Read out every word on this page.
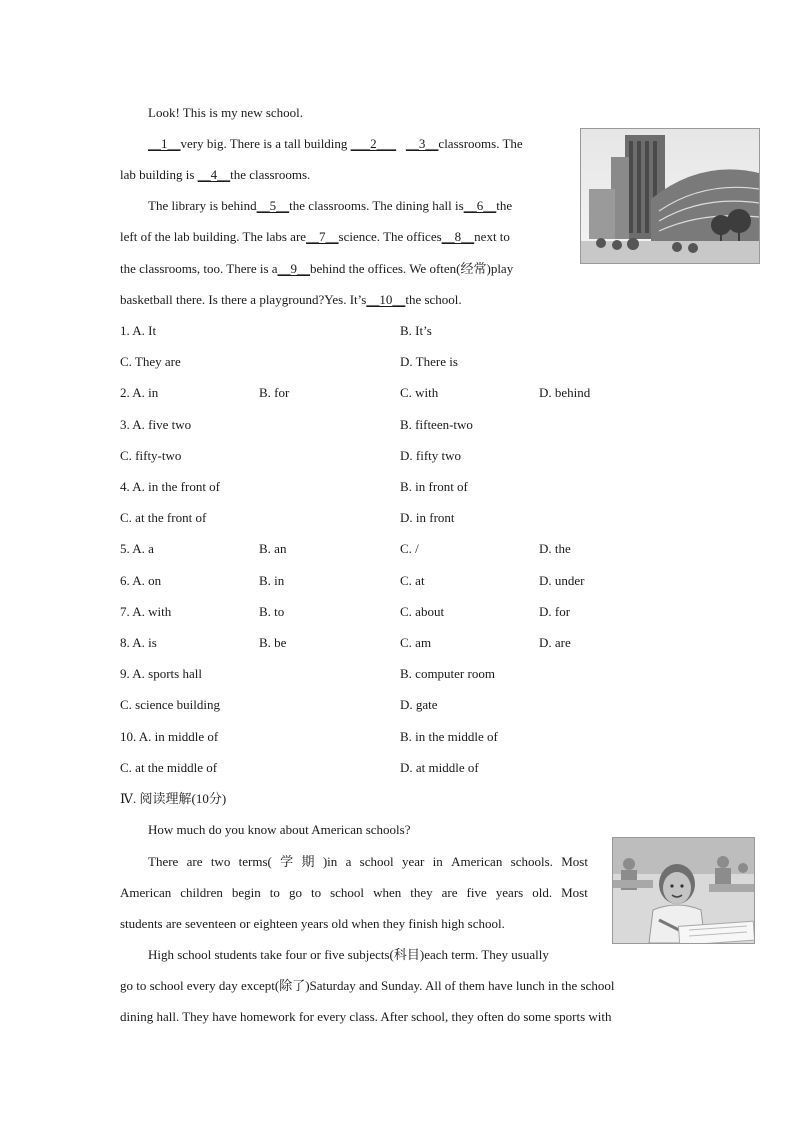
Look! This is my new school.
__1__very big. There is a tall building ___2___ __3__classrooms. The
lab building is __4__the classrooms.
The library is behind__5__the classrooms. The dining hall is__6__the
left of the lab building. The labs are__7__science. The offices__8__next to
the classrooms, too. There is a__9__behind the offices. We often(经常)play
basketball there. Is there a playground?Yes. It’s__10__the school.
1. A. It	B. It’s
C. They are	D. There is
2. A. in	B. for	C. with	D. behind
3. A. five two	B. fifteen-two
C. fifty-two	D. fifty two
4. A. in the front of	B. in front of
C. at the front of	D. in front
5. A. a	B. an	C. /	D. the
6. A. on	B. in	C. at	D. under
7. A. with	B. to	C. about	D. for
8. A. is	B. be	C. am	D. are
9. A. sports hall	B. computer room
C. science building	D. gate
10. A. in middle of	B. in the middle of
C. at the middle of	D. at middle of
Ⅳ. 阅读理解(10分)
How much do you know about American schools?
There are two terms( 学 期 )in a school year in American schools. Most
American children begin to go to school when they are five years old. Most
students are seventeen or eighteen years old when they finish high school.
High school students take four or five subjects(科目)each term. They usually
go to school every day except(除了)Saturday and Sunday. All of them have lunch in the school
dining hall. They have homework for every class. After school, they often do some sports with
